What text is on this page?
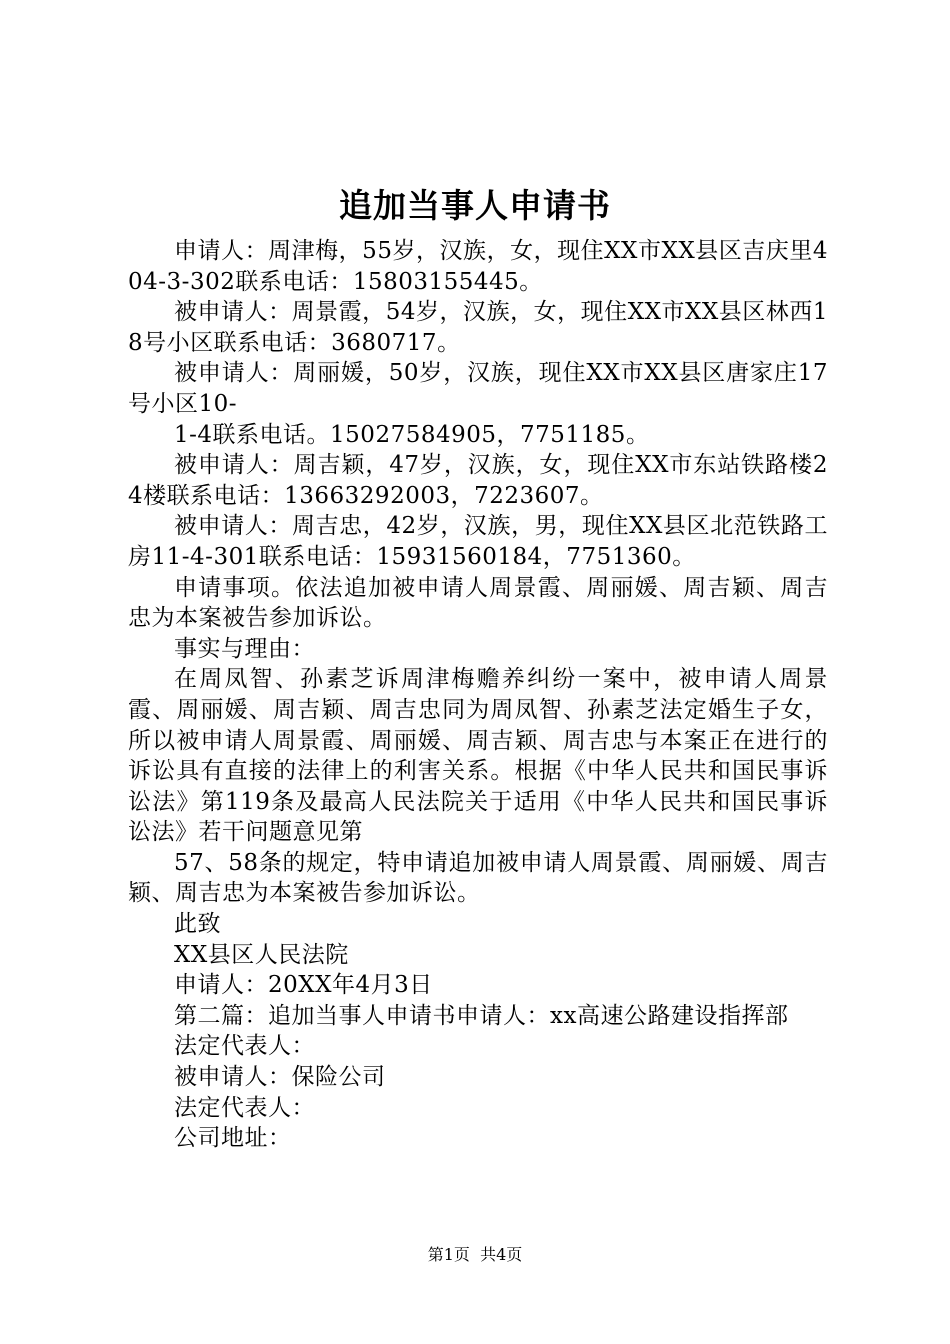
追加当事人申请书

申请人：周津梅，55岁，汉族，女，现住XX市XX县区吉庆里404-3-302联系电话：15803155445。

被申请人：周景霞，54岁，汉族，女，现住XX市XX县区林西18号小区联系电话：3680717。

被申请人：周丽媛，50岁，汉族，现住XX市XX县区唐家庄17号小区10-

1-4联系电话。15027584905，7751185。

被申请人：周吉颖，47岁，汉族，女，现住XX市东站铁路楼24楼联系电话：13663292003，7223607。

被申请人：周吉忠，42岁，汉族，男，现住XX县区北范铁路工房11-4-301联系电话：15931560184，7751360。

申请事项。依法追加被申请人周景霞、周丽媛、周吉颖、周吉忠为本案被告参加诉讼。

事实与理由：

在周凤智、孙素芝诉周津梅赡养纠纷一案中，被申请人周景霞、周丽媛、周吉颖、周吉忠同为周凤智、孙素芝法定婚生子女，所以被申请人周景霞、周丽媛、周吉颖、周吉忠与本案正在进行的诉讼具有直接的法律上的利害关系。根据《中华人民共和国民事诉讼法》第119条及最高人民法院关于适用《中华人民共和国民事诉讼法》若干问题意见第

57、58条的规定，特申请追加被申请人周景霞、周丽媛、周吉颖、周吉忠为本案被告参加诉讼。

此致

XX县区人民法院

申请人：20XX年4月3日

第二篇：追加当事人申请书申请人：xx高速公路建设指挥部

法定代表人：

被申请人：保险公司

法定代表人：

公司地址：

第1页 共4页
